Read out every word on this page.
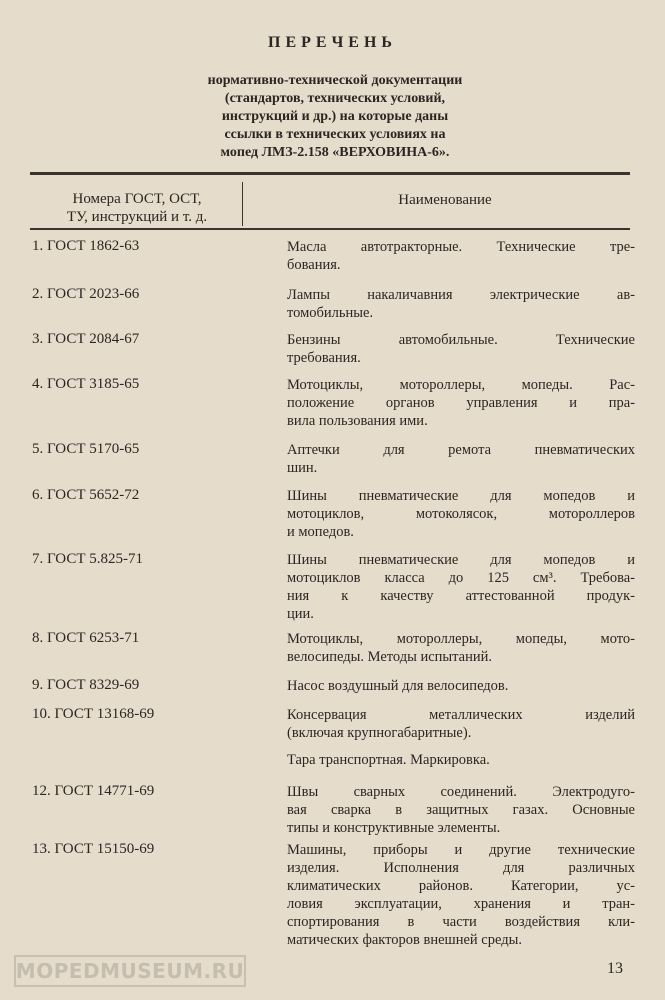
ПЕРЕЧЕНЬ
нормативно-технической документации
(стандартов, технических условий,
инструкций и др.) на которые даны
ссылки в технических условиях на
мопед ЛМЗ-2.158 «ВЕРХОВИНА-6».
Номера ГОСТ, ОСТ,
ТУ, инструкций и т. д.
Наименование
1. ГОСТ 1862-63	Масла автотракторные. Технические тре-
бования.
2. ГОСТ 2023-66	Лампы накаличавния электрические ав-
томобильные.
3. ГОСТ 2084-67	Бензины автомобильные. Технические
требования.
4. ГОСТ 3185-65	Мотоциклы, мотороллеры, мопеды. Рас-
положение органов управления и пра-
вила пользования ими.
5. ГОСТ 5170-65	Аптечки для ремота пневматических
шин.
6. ГОСТ 5652-72	Шины пневматические для мопедов и
мотоциклов, мотоколясок, мотороллеров
и мопедов.
7. ГОСТ 5.825-71	Шины пневматические для мопедов и
мотоциклов класса до 125 см³. Требова-
ния к качеству аттестованной продук-
ции.
8. ГОСТ 6253-71	Мотоциклы, мотороллеры, мопеды, мото-
велосипеды. Методы испытаний.
9. ГОСТ 8329-69	Насос воздушный для велосипедов.
10. ГОСТ 13168-69	Консервация металлических изделий
(включая крупногабаритные).
Тара транспортная. Маркировка.
12. ГОСТ 14771-69	Швы сварных соединений. Электродуго-
вая сварка в защитных газах. Основные
типы и конструктивные элементы.
13. ГОСТ 15150-69	Машины, приборы и другие технические
изделия. Исполнения для различных
климатических районов. Категории, ус-
ловия эксплуатации, хранения и тран-
спортирования в части воздействия кли-
матических факторов внешней среды.
MOPEDMUSEUM.RU	13
